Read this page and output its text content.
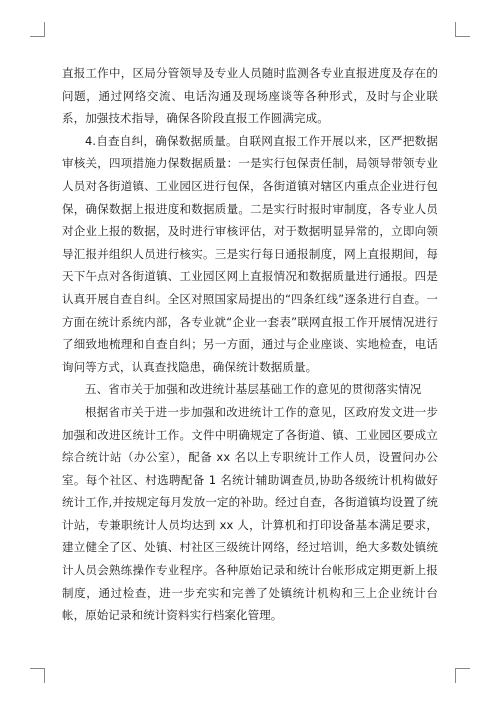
直报工作中，区局分管领导及专业人员随时监测各专业直报进度及存在的问题，通过网络交流、电话沟通及现场座谈等各种形式，及时与企业联系，加强技术指导，确保各阶段直报工作圆满完成。

4.自查自纠，确保数据质量。自联网直报工作开展以来，区严把数据审核关，四项措施力保数据质量：一是实行包保责任制，局领导带领专业人员对各街道镇、工业园区进行包保，各街道镇对辖区内重点企业进行包保，确保数据上报进度和数据质量。二是实行时报时审制度，各专业人员对企业上报的数据，及时进行审核评估，对于数据明显异常的，立即向领导汇报并组织人员进行核实。三是实行每日通报制度，网上直报期间，每天下午点对各街道镇、工业园区网上直报情况和数据质量进行通报。四是认真开展自查自纠。全区对照国家局提出的“四条红线”逐条进行自查。一方面在统计系统内部，各专业就“企业一套表”联网直报工作开展情况进行了细致地梳理和自查自纠；另一方面，通过与企业座谈、实地检查，电话询问等方式，认真查找隐患，确保统计数据质量。

五、省市关于加强和改进统计基层基础工作的意见的贯彻落实情况

根据省市关于进一步加强和改进统计工作的意见，区政府发文进一步加强和改进区统计工作。文件中明确规定了各街道、镇、工业园区要成立综合统计站（办公室），配备 xx 名以上专职统计工作人员，设置问办公室。每个社区、村选聘配备 1 名统计辅助调查员,协助各级统计机构做好统计工作,并按规定每月发放一定的补助。经过自查，各街道镇均设置了统计站，专兼职统计人员均达到 xx 人，计算机和打印设备基本满足要求，建立健全了区、处镇、村社区三级统计网络，经过培训，绝大多数处镇统计人员会熟练操作专业程序。各种原始记录和统计台帐形成定期更新上报制度，通过检查，进一步充实和完善了处镇统计机构和三上企业统计台帐，原始记录和统计资料实行档案化管理。
